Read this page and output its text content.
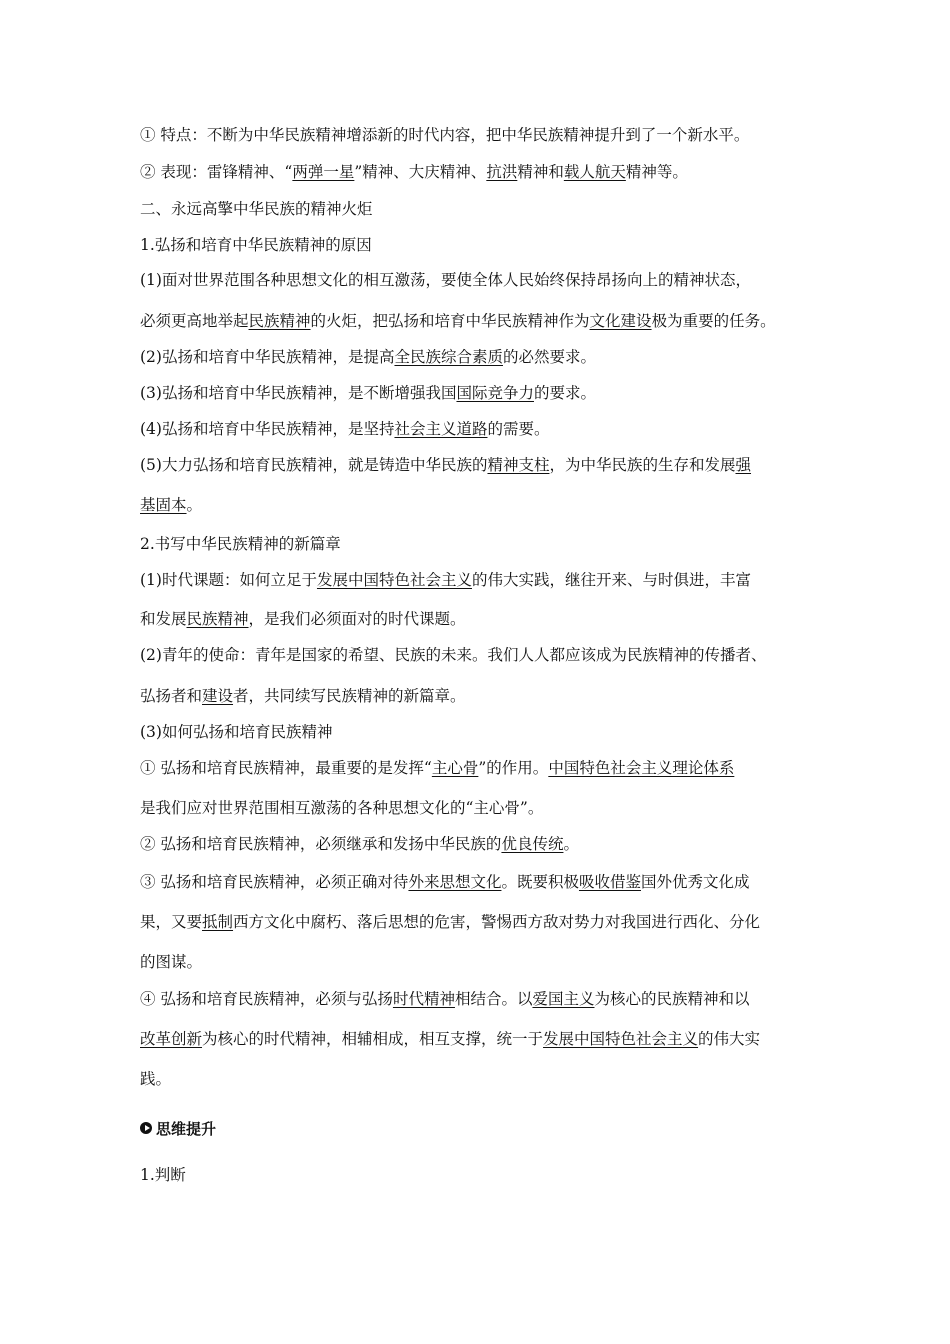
① 特点：不断为中华民族精神增添新的时代内容，把中华民族精神提升到了一个新水平。
② 表现：雷锋精神、“两弹一星”精神、大庆精神、抗洪精神和载人航天精神等。
二、永远高擎中华民族的精神火炬
1.弘扬和培育中华民族精神的原因
(1)面对世界范围各种思想文化的相互激荡，要使全体人民始终保持昂扬向上的精神状态，
必须更高地举起民族精神的火炬，把弘扬和培育中华民族精神作为文化建设极为重要的任务。
(2)弘扬和培育中华民族精神，是提高全民族综合素质的必然要求。
(3)弘扬和培育中华民族精神，是不断增强我国国际竞争力的要求。
(4)弘扬和培育中华民族精神，是坚持社会主义道路的需要。
(5)大力弘扬和培育民族精神，就是铸造中华民族的精神支柱，为中华民族的生存和发展强
基固本。
2.书写中华民族精神的新篇章
(1)时代课题：如何立足于发展中国特色社会主义的伟大实践，继往开来、与时俱进，丰富
和发展民族精神，是我们必须面对的时代课题。
(2)青年的使命：青年是国家的希望、民族的未来。我们人人都应该成为民族精神的传播者、
弘扬者和建设者，共同续写民族精神的新篇章。
(3)如何弘扬和培育民族精神
① 弘扬和培育民族精神，最重要的是发挥“主心骨”的作用。中国特色社会主义理论体系
是我们应对世界范围相互激荡的各种思想文化的“主心骨”。
② 弘扬和培育民族精神，必须继承和发扬中华民族的优良传统。
③ 弘扬和培育民族精神，必须正确对待外来思想文化。既要积极吸收借鉴国外优秀文化成
果，又要抵制西方文化中腐朽、落后思想的危害，警惕西方敌对势力对我国进行西化、分化
的图谋。
④ 弘扬和培育民族精神，必须与弘扬时代精神相结合。以爱国主义为核心的民族精神和以
改革创新为核心的时代精神，相辅相成，相互支撑，统一于发展中国特色社会主义的伟大实
践。
思维提升
1.判断
